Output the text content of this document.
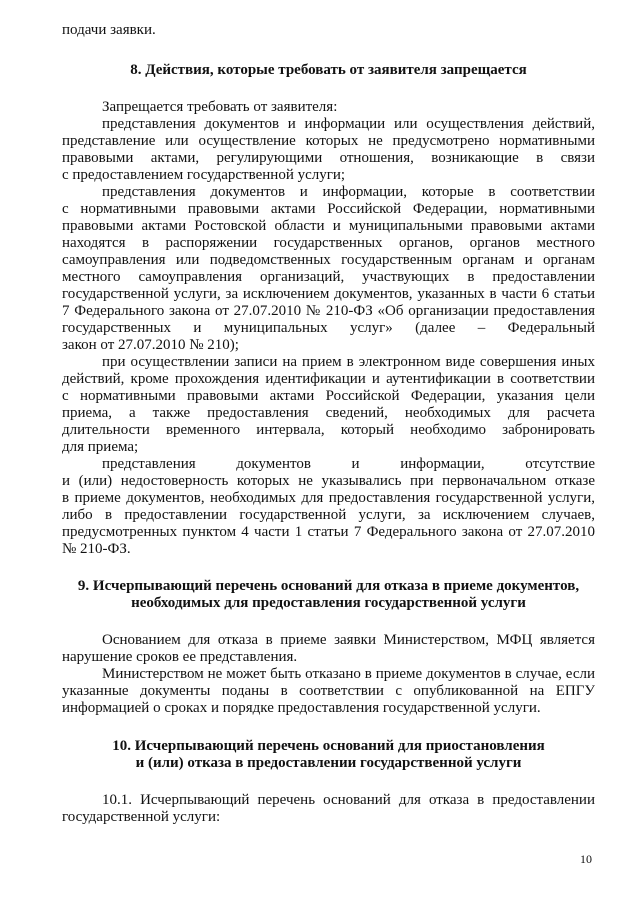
подачи заявки.
8. Действия, которые требовать от заявителя запрещается
Запрещается требовать от заявителя:
представления документов и информации или осуществления действий,
представление или осуществление которых не предусмотрено нормативными
правовыми актами, регулирующими отношения, возникающие в связи
с предоставлением государственной услуги;
представления документов и информации, которые в соответствии
с нормативными правовыми актами Российской Федерации, нормативными
правовыми актами Ростовской области и муниципальными правовыми актами
находятся в распоряжении государственных органов, органов местного
самоуправления или подведомственных государственным органам и органам
местного самоуправления организаций, участвующих в предоставлении
государственной услуги, за исключением документов, указанных в части 6 статьи
7 Федерального закона от 27.07.2010 № 210-ФЗ «Об организации предоставления
государственных и муниципальных услуг» (далее – Федеральный
закон от 27.07.2010 № 210);
при осуществлении записи на прием в электронном виде совершения иных
действий, кроме прохождения идентификации и аутентификации в соответствии
с нормативными правовыми актами Российской Федерации, указания цели
приема, а также предоставления сведений, необходимых для расчета
длительности временного интервала, который необходимо забронировать
для приема;
представления документов и информации, отсутствие
и (или) недостоверность которых не указывались при первоначальном отказе
в приеме документов, необходимых для предоставления государственной услуги,
либо в предоставлении государственной услуги, за исключением случаев,
предусмотренных пунктом 4 части 1 статьи 7 Федерального закона от 27.07.2010
№ 210-ФЗ.
9. Исчерпывающий перечень оснований для отказа в приеме документов,
необходимых для предоставления государственной услуги
Основанием для отказа в приеме заявки Министерством, МФЦ является
нарушение сроков ее представления.
Министерством не может быть отказано в приеме документов в случае, если
указанные документы поданы в соответствии с опубликованной на ЕПГУ
информацией о сроках и порядке предоставления государственной услуги.
10. Исчерпывающий перечень оснований для приостановления
и (или) отказа в предоставлении государственной услуги
10.1. Исчерпывающий перечень оснований для отказа в предоставлении
государственной услуги:
10
